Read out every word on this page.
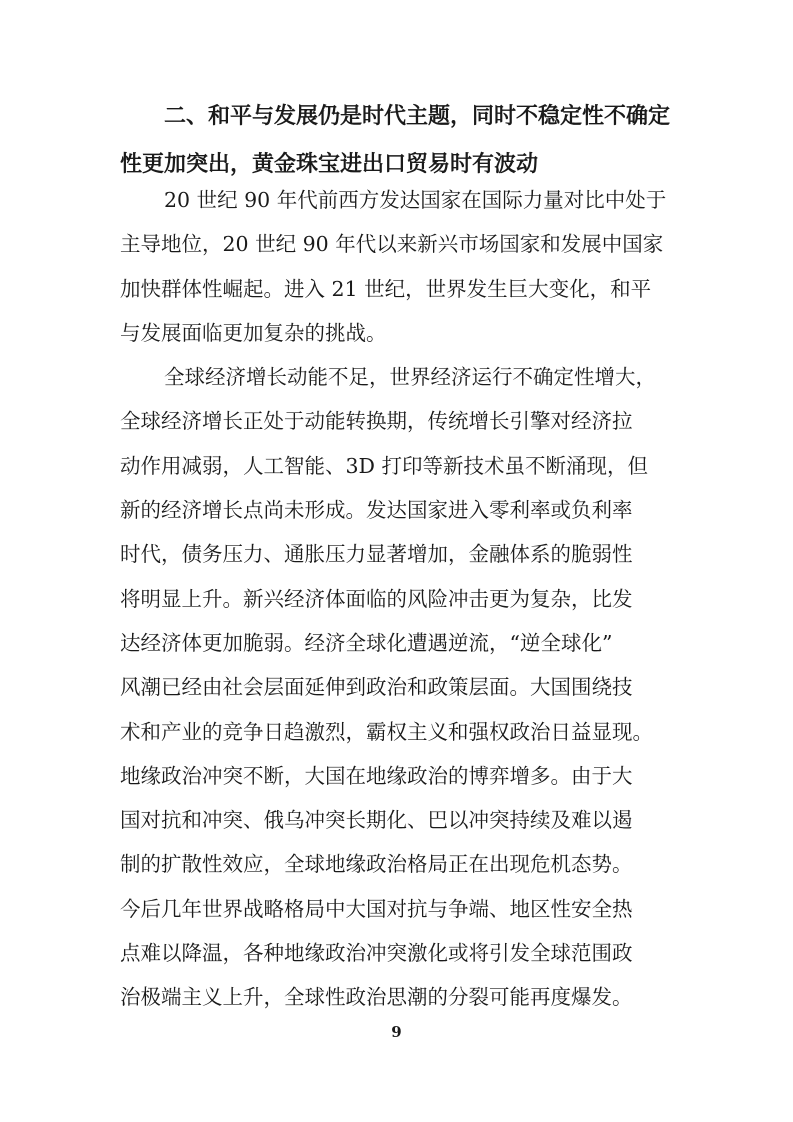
二、和平与发展仍是时代主题，同时不稳定性不确定
性更加突出，黄金珠宝进出口贸易时有波动
20 世纪 90 年代前西方发达国家在国际力量对比中处于
主导地位，20 世纪 90 年代以来新兴市场国家和发展中国家
加快群体性崛起。进入 21 世纪，世界发生巨大变化，和平
与发展面临更加复杂的挑战。
全球经济增长动能不足，世界经济运行不确定性增大，
全球经济增长正处于动能转换期，传统增长引擎对经济拉
动作用减弱，人工智能、3D 打印等新技术虽不断涌现，但
新的经济增长点尚未形成。发达国家进入零利率或负利率
时代，债务压力、通胀压力显著增加，金融体系的脆弱性
将明显上升。新兴经济体面临的风险冲击更为复杂，比发
达经济体更加脆弱。经济全球化遭遇逆流，“逆全球化”
风潮已经由社会层面延伸到政治和政策层面。大国围绕技
术和产业的竞争日趋激烈，霸权主义和强权政治日益显现。
地缘政治冲突不断，大国在地缘政治的博弈增多。由于大
国对抗和冲突、俄乌冲突长期化、巴以冲突持续及难以遏
制的扩散性效应，全球地缘政治格局正在出现危机态势。
今后几年世界战略格局中大国对抗与争端、地区性安全热
点难以降温，各种地缘政治冲突激化或将引发全球范围政
治极端主义上升，全球性政治思潮的分裂可能再度爆发。
9
